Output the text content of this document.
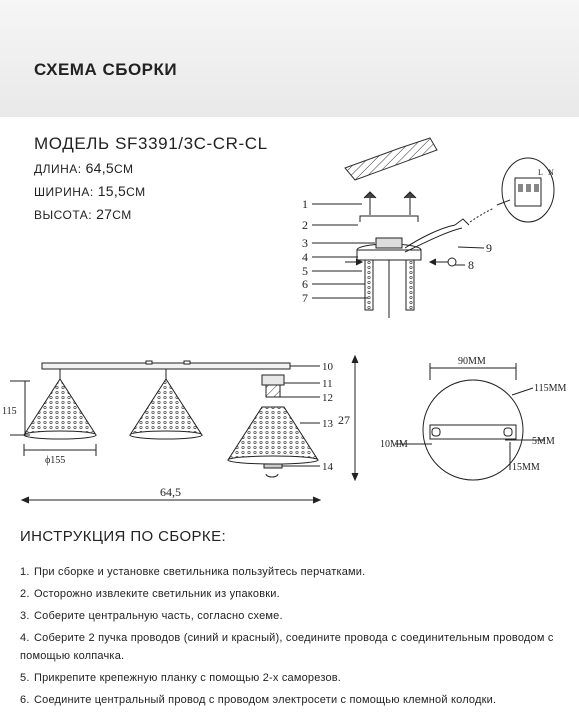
СХЕМА СБОРКИ
МОДЕЛЬ SF3391/3C-CR-CL
ДЛИНА: 64,5СМ
ШИРИНА: 15,5СМ
ВЫСОТА: 27СМ
1
2
3
4
5
6
7
8
9
L N
10
11
12
13
14
115
ϕ155
27
64,5
90MM
115MM
10MM	5MM
15MM
ИНСТРУКЦИЯ ПО СБОРКЕ:
1. При сборке и установке светильника пользуйтесь перчатками.
2. Осторожно извлеките светильник из упаковки.
3. Соберите центральную часть, согласно схеме.
4. Соберите 2 пучка проводов (синий и красный), соедините провода с соединительным проводом с помощью колпачка.
5. Прикрепите крепежную планку с помощью 2-х саморезов.
6. Соедините центральный провод с проводом электросети с помощью клемной колодки.
